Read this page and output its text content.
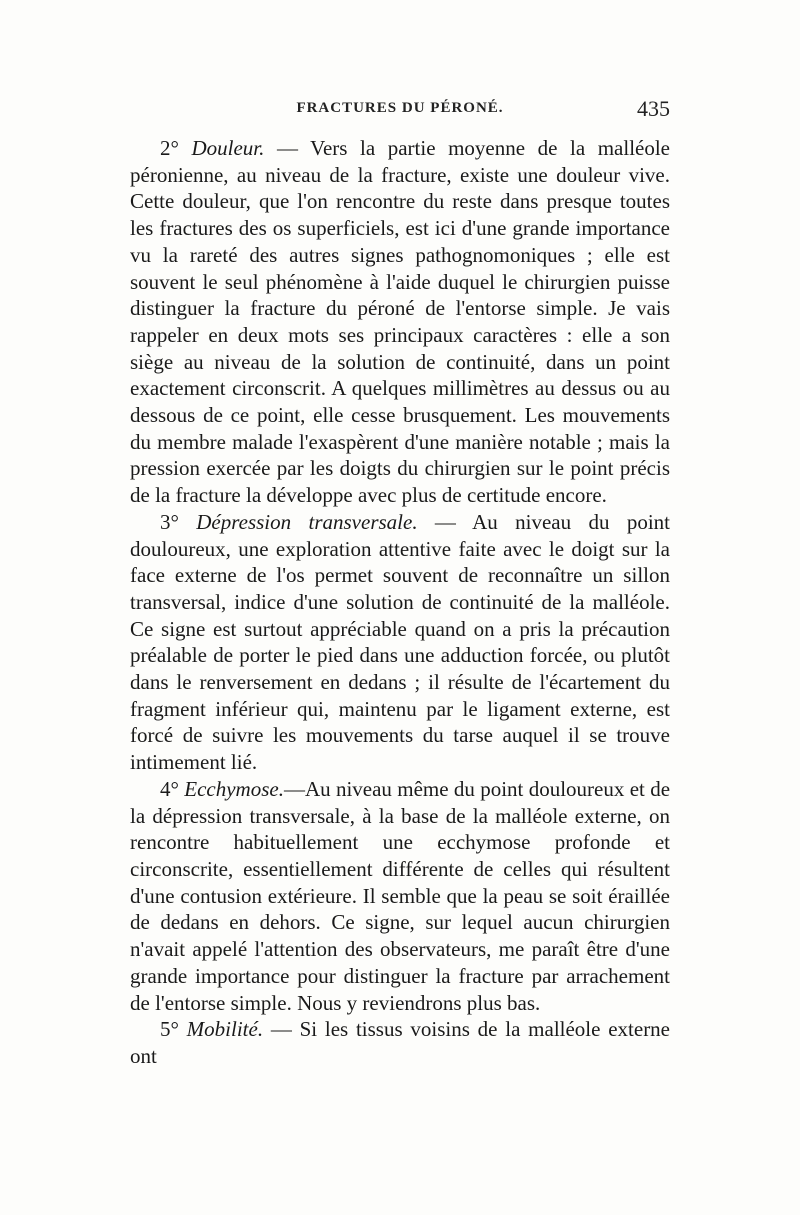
FRACTURES DU PÉRONÉ.	435

2° Douleur. — Vers la partie moyenne de la malléole péronienne, au niveau de la fracture, existe une douleur vive. Cette douleur, que l'on rencontre du reste dans presque toutes les fractures des os superficiels, est ici d'une grande importance vu la rareté des autres signes pathognomoniques ; elle est souvent le seul phénomène à l'aide duquel le chirurgien puisse distinguer la fracture du péroné de l'entorse simple. Je vais rappeler en deux mots ses principaux caractères : elle a son siège au niveau de la solution de continuité, dans un point exactement circonscrit. A quelques millimètres au dessus ou au dessous de ce point, elle cesse brusquement. Les mouvements du membre malade l'exaspèrent d'une manière notable ; mais la pression exercée par les doigts du chirurgien sur le point précis de la fracture la développe avec plus de certitude encore.

3° Dépression transversale. — Au niveau du point douloureux, une exploration attentive faite avec le doigt sur la face externe de l'os permet souvent de reconnaître un sillon transversal, indice d'une solution de continuité de la malléole. Ce signe est surtout appréciable quand on a pris la précaution préalable de porter le pied dans une adduction forcée, ou plutôt dans le renversement en dedans ; il résulte de l'écartement du fragment inférieur qui, maintenu par le ligament externe, est forcé de suivre les mouvements du tarse auquel il se trouve intimement lié.

4° Ecchymose.—Au niveau même du point douloureux et de la dépression transversale, à la base de la malléole externe, on rencontre habituellement une ecchymose profonde et circonscrite, essentiellement différente de celles qui résultent d'une contusion extérieure. Il semble que la peau se soit éraillée de dedans en dehors. Ce signe, sur lequel aucun chirurgien n'avait appelé l'attention des observateurs, me paraît être d'une grande importance pour distinguer la fracture par arrachement de l'entorse simple. Nous y reviendrons plus bas.

5° Mobilité. — Si les tissus voisins de la malléole externe ont
